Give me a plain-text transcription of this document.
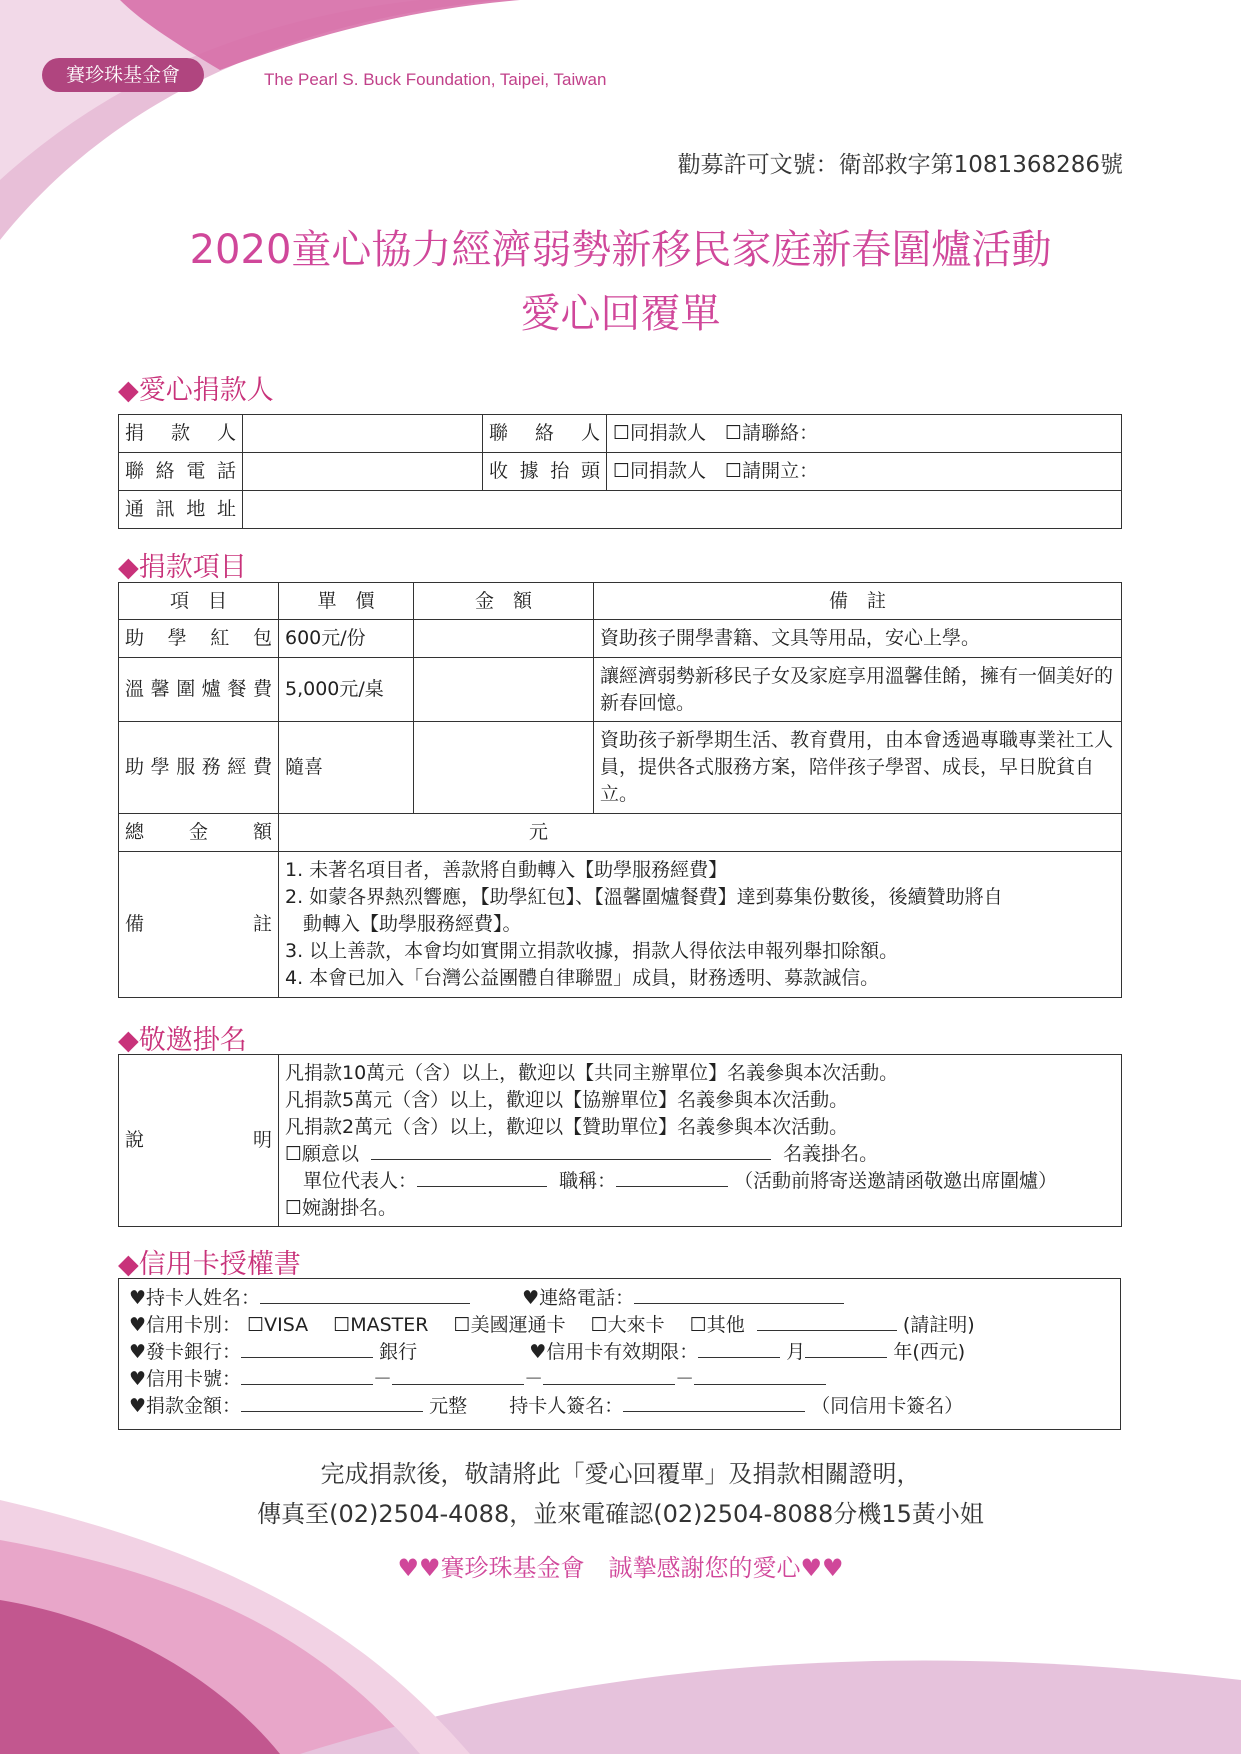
賽珍珠基金會	The Pearl S. Buck Foundation, Taipei, Taiwan
勸募許可文號：衛部救字第1081368286號
2020童心協力經濟弱勢新移民家庭新春圍爐活動
愛心回覆單
◆愛心捐款人
捐款人		聯絡人	☐同捐款人　☐請聯絡：
聯絡電話		收據抬頭	☐同捐款人　☐請開立：
通訊地址			
◆捐款項目
項　目	單　價	金　額	備　註
助學紅包	600元/份		資助孩子開學書籍、文具等用品，安心上學。
溫馨圍爐餐費	5,000元/桌		讓經濟弱勢新移民子女及家庭享用溫馨佳餚，擁有一個美好的新春回憶。
助學服務經費	隨喜		資助孩子新學期生活、教育費用，由本會透過專職專業社工人員，提供各式服務方案，陪伴孩子學習、成長，早日脫貧自立。
總金額	元		
備註	1. 未著名項目者，善款將自動轉入【助學服務經費】

2. 如蒙各界熱烈響應，【助學紅包】、【溫馨圍爐餐費】達到募集份數後，後續贊助將自

動轉入【助學服務經費】。

3. 以上善款，本會均如實開立捐款收據，捐款人得依法申報列舉扣除額。

4. 本會已加入「台灣公益團體自律聯盟」成員，財務透明、募款誠信。		

◆敬邀掛名
說明	

凡捐款10萬元（含）以上，歡迎以【共同主辦單位】名義參與本次活動。

凡捐款5萬元（含）以上，歡迎以【協辦單位】名義參與本次活動。

凡捐款2萬元（含）以上，歡迎以【贊助單位】名義參與本次活動。

☐願意以	名義掛名。

單位代表人：	職稱：	（活動前將寄送邀請函敬邀出席圍爐）

☐婉謝掛名。

◆信用卡授權書
♥持卡人姓名：	♥連絡電話：
♥信用卡別： ☐VISA　 ☐MASTER　 ☐美國運通卡　 ☐大來卡　 ☐其他	(請註明)
♥發卡銀行：	銀行	♥信用卡有效期限：	月	年(西元)
♥信用卡號：	－	－	－
♥捐款金額：	元整 持卡人簽名：	（同信用卡簽名）
完成捐款後，敬請將此「愛心回覆單」及捐款相關證明，
傳真至(02)2504-4088，並來電確認(02)2504-8088分機15黃小姐
♥♥賽珍珠基金會　誠摯感謝您的愛心♥♥
